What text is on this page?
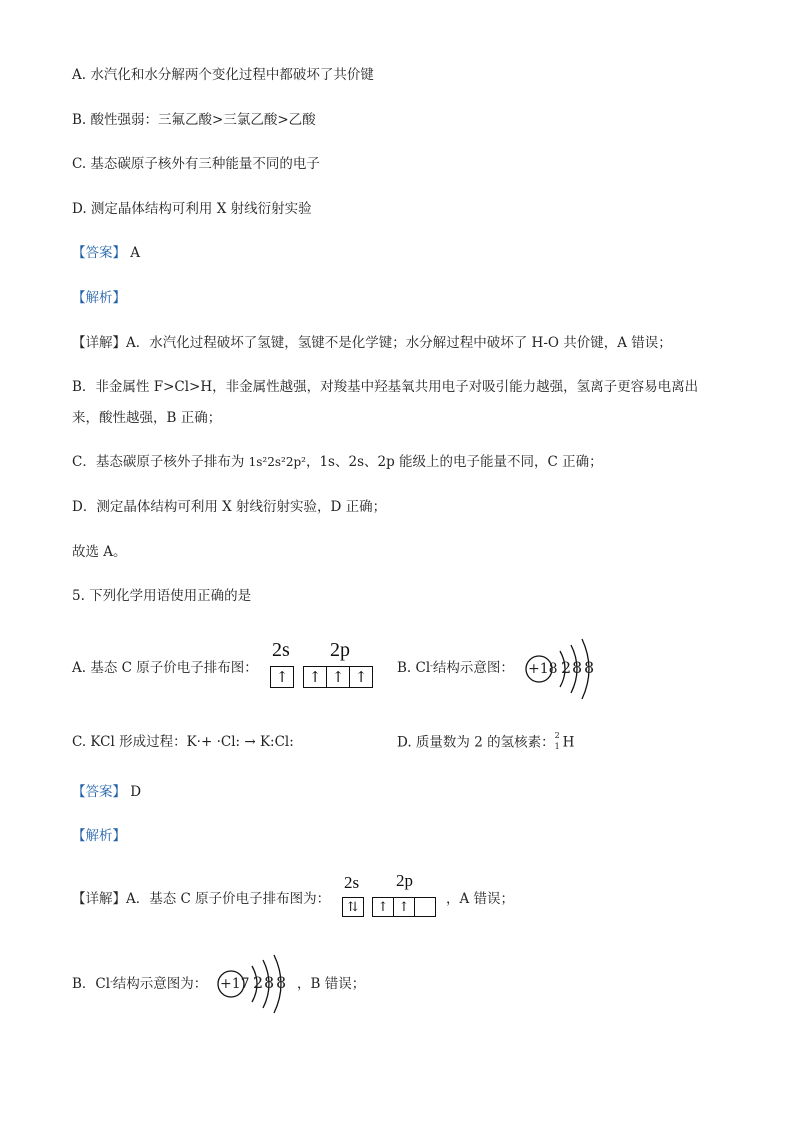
A. 水汽化和水分解两个变化过程中都破坏了共价键
B. 酸性强弱：三氟乙酸>三氯乙酸>乙酸
C. 基态碳原子核外有三种能量不同的电子
D. 测定晶体结构可利用 X 射线衍射实验
【答案】 A
【解析】
【详解】A．水汽化过程破坏了氢键，氢键不是化学键；水分解过程中破坏了 H-O 共价键，A 错误；
B．非金属性 F>Cl>H，非金属性越强，对羧基中羟基氧共用电子对吸引能力越强，氢离子更容易电离出
来，酸性越强，B 正确；
C．基态碳原子核外子排布为 1s²2s²2p²，1s、2s、2p 能级上的电子能量不同，C 正确；
D．测定晶体结构可利用 X 射线衍射实验，D 正确；
故选 A。
5. 下列化学用语使用正确的是
A. 基态 C 原子价电子排布图：
2s 2p
↑	↑ ↑ ↑	B. Cl-结构示意图： +18 2 8 8
C. KCl 形成过程：K·+ ·Cl: → K:Cl:	D. 质量数为 2 的氢核素： 2
1 H
【答案】 D
【解析】
【详解】A．基态 C 原子价电子排布图为：
2s 2p
⇅	↑ ↑	，A 错误；
B．Cl-结构示意图为： +17 2 8 8 ，B 错误；
